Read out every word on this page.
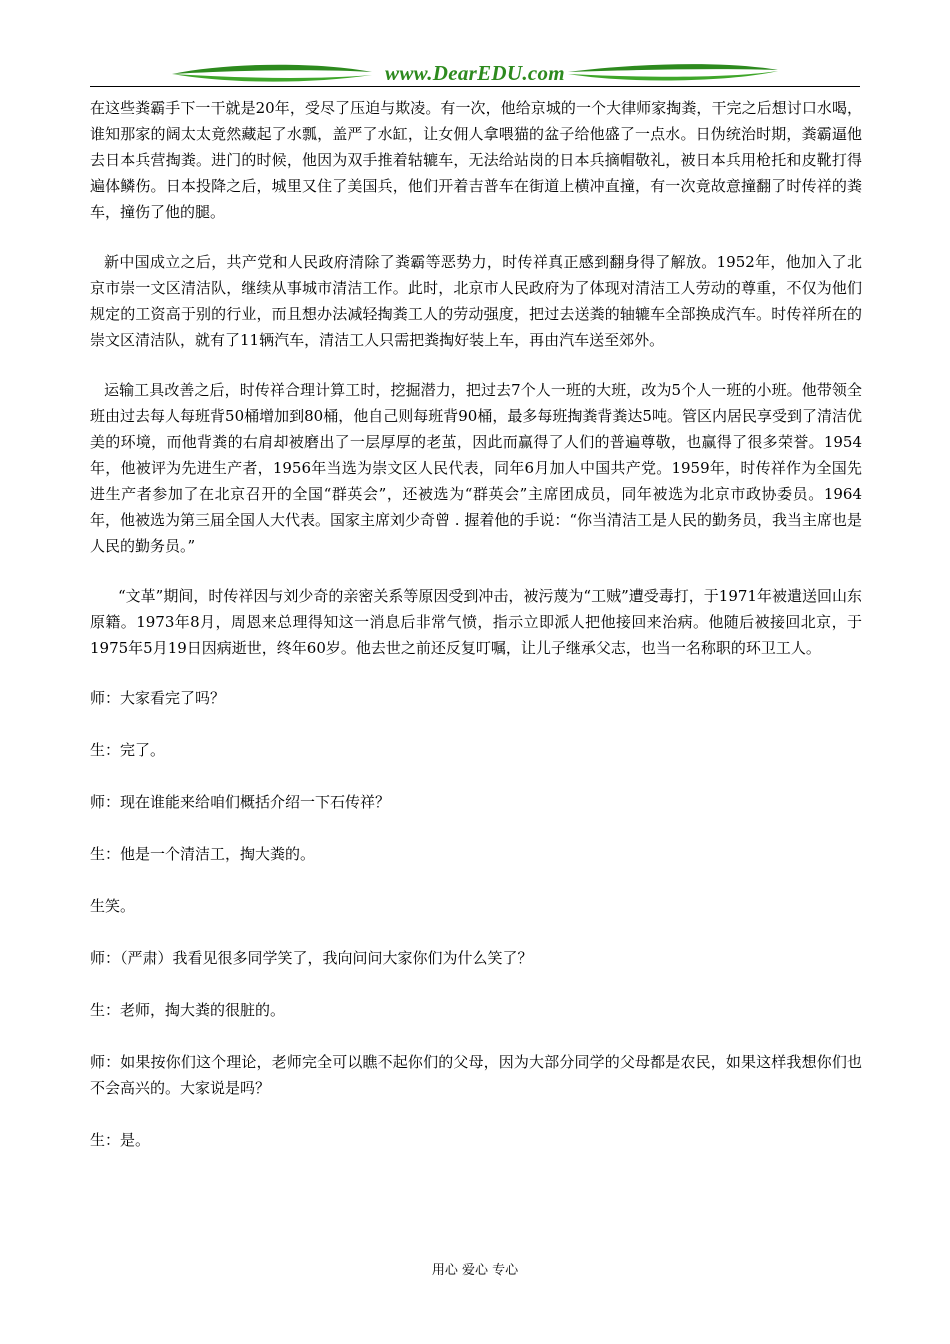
www.DearEDU.com

在这些粪霸手下一干就是20年，受尽了压迫与欺凌。有一次，他给京城的一个大律师家掏粪，干完之后想讨口水喝，谁知那家的阔太太竟然藏起了水瓢，盖严了水缸，让女佣人拿喂猫的盆子给他盛了一点水。日伪统治时期，粪霸逼他去日本兵营掏粪。进门的时候，他因为双手推着轱辘车，无法给站岗的日本兵摘帽敬礼，被日本兵用枪托和皮靴打得遍体鳞伤。日本投降之后，城里又住了美国兵，他们开着吉普车在街道上横冲直撞，有一次竟故意撞翻了时传祥的粪车，撞伤了他的腿。

新中国成立之后，共产党和人民政府清除了粪霸等恶势力，时传祥真正感到翻身得了解放。1952年，他加入了北京市崇一文区清洁队，继续从事城市清洁工作。此时，北京市人民政府为了体现对清洁工人劳动的尊重，不仅为他们规定的工资高于别的行业，而且想办法减轻掏粪工人的劳动强度，把过去送粪的轴辘车全部换成汽车。时传祥所在的崇文区清洁队，就有了11辆汽车，清洁工人只需把粪掏好装上车，再由汽车送至郊外。

运输工具改善之后，时传祥合理计算工时，挖掘潜力，把过去7个人一班的大班，改为5个人一班的小班。他带领全班由过去每人每班背50桶增加到80桶，他自己则每班背90桶，最多每班掏粪背粪达5吨。管区内居民享受到了清洁优美的环境，而他背粪的右肩却被磨出了一层厚厚的老茧，因此而赢得了人们的普遍尊敬，也赢得了很多荣誉。1954年，他被评为先进生产者，1956年当选为崇文区人民代表，同年6月加人中国共产党。1959年，时传祥作为全国先进生产者参加了在北京召开的全国“群英会”，还被选为“群英会”主席团成员，同年被选为北京市政协委员。1964年，他被选为第三届全国人大代表。国家主席刘少奇曾 . 握着他的手说：“你当清洁工是人民的勤务员，我当主席也是人民的勤务员。”

“文革”期间，时传祥因与刘少奇的亲密关系等原因受到冲击，被污蔑为“工贼”遭受毒打，于1971年被遣送回山东原籍。1973年8月，周恩来总理得知这一消息后非常气愤，指示立即派人把他接回来治病。他随后被接回北京，于1975年5月19日因病逝世，终年60岁。他去世之前还反复叮嘱，让儿子继承父志，也当一名称职的环卫工人。

师：大家看完了吗？

生：完了。

师：现在谁能来给咱们概括介绍一下石传祥？

生：他是一个清洁工，掏大粪的。

生笑。

师：（严肃）我看见很多同学笑了，我向问问大家你们为什么笑了？

生：老师，掏大粪的很脏的。

师：如果按你们这个理论，老师完全可以瞧不起你们的父母，因为大部分同学的父母都是农民，如果这样我想你们也不会高兴的。大家说是吗？

生：是。

用心 爱心 专心
